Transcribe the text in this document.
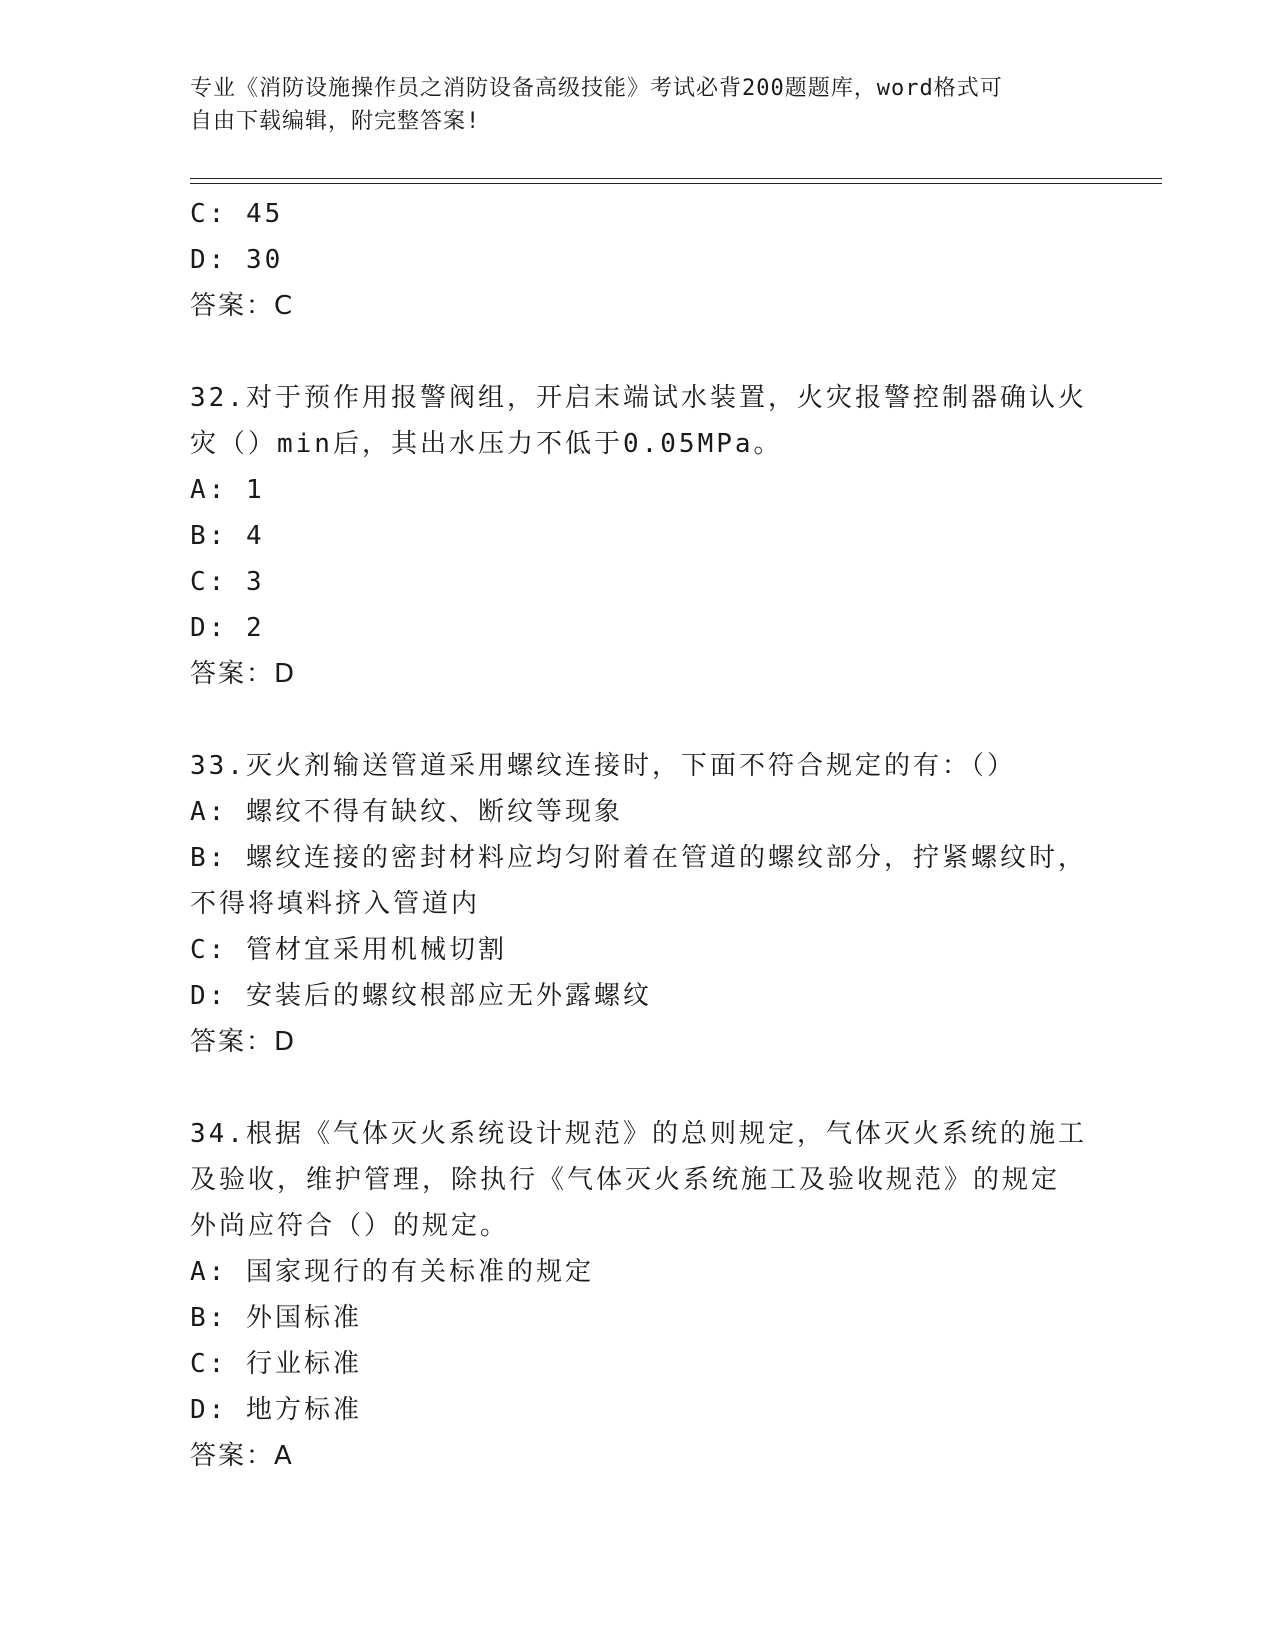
专业《消防设施操作员之消防设备高级技能》考试必背200题题库，word格式可
自由下载编辑，附完整答案!
C: 45
D: 30
答案：C
32.对于预作用报警阀组，开启末端试水装置，火灾报警控制器确认火
灾（）min后，其出水压力不低于0.05MPa。
A: 1
B: 4
C: 3
D: 2
答案：D
33.灭火剂输送管道采用螺纹连接时，下面不符合规定的有：（）
A: 螺纹不得有缺纹、断纹等现象
B: 螺纹连接的密封材料应均匀附着在管道的螺纹部分，拧紧螺纹时，
不得将填料挤入管道内
C: 管材宜采用机械切割
D: 安装后的螺纹根部应无外露螺纹
答案：D
34.根据《气体灭火系统设计规范》的总则规定，气体灭火系统的施工
及验收，维护管理，除执行《气体灭火系统施工及验收规范》的规定
外尚应符合（）的规定。
A: 国家现行的有关标准的规定
B: 外国标准
C: 行业标准
D: 地方标准
答案：A
